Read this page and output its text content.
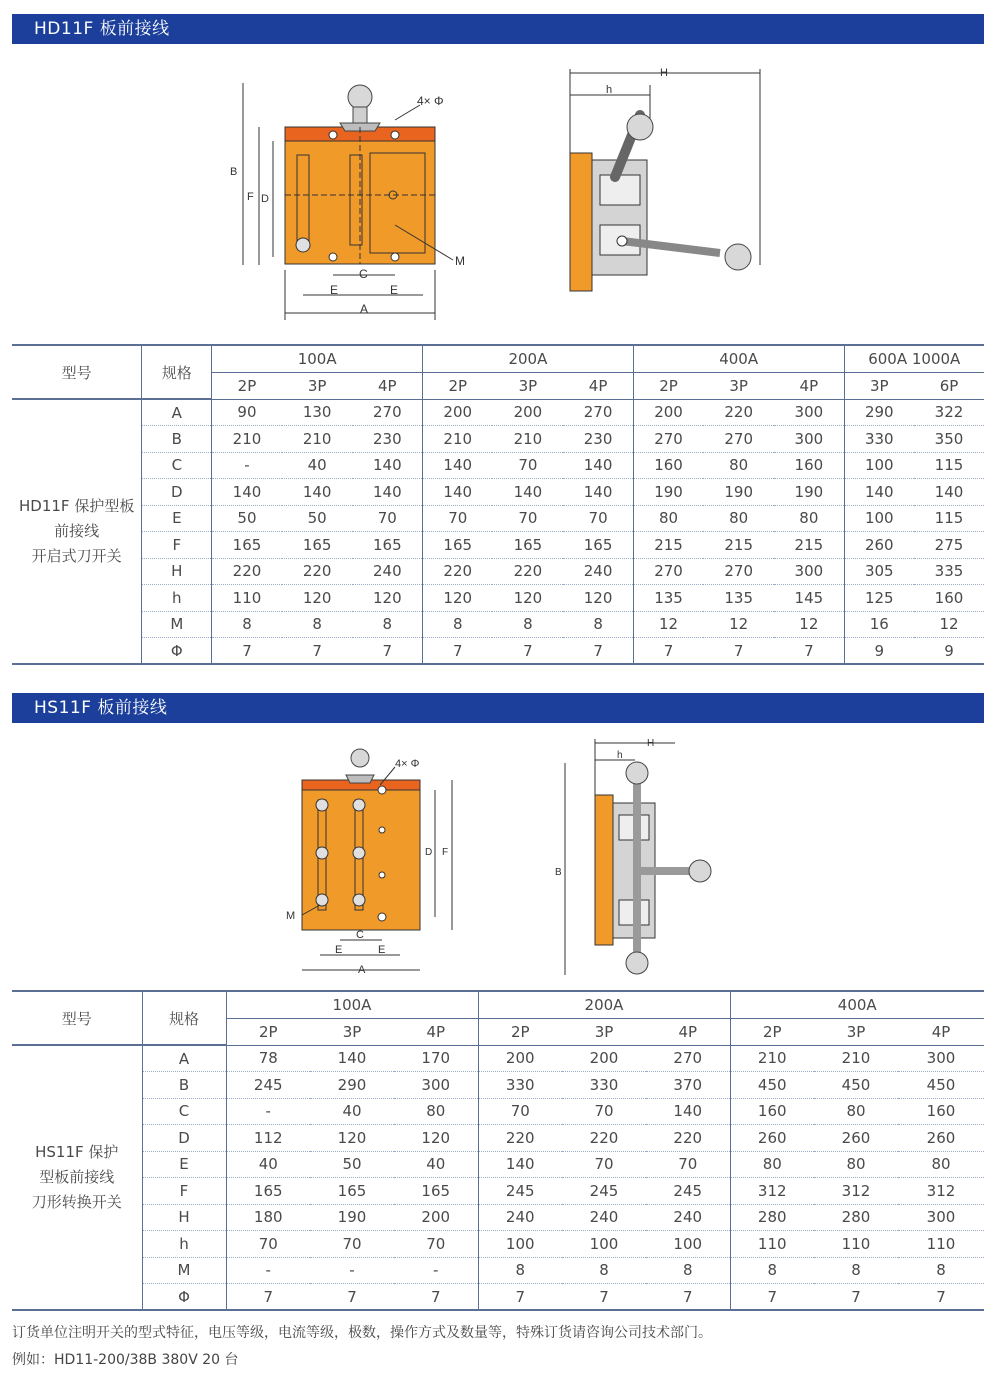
HD11F 板前接线
B
F D
C
E	E
A
M
4× Φ
H
h
型号	规格	100A			200A			400A			600A 1000A	
		2P	3P	4P	2P	3P	4P	2P	3P	4P	3P	6P

HD11F 保护型板
前接线
开启式刀开关	A	90	130	270	200	200	270	200	220	300	290	322
	B	210	210	230	210	210	230	270	270	300	330	350
	C	-	40	140	140	70	140	160	80	160	100	115
	D	140	140	140	140	140	140	190	190	190	140	140
	E	50	50	70	70	70	70	80	80	80	100	115
	F	165	165	165	165	165	165	215	215	215	260	275
	H	220	220	240	220	220	240	270	270	300	305	335
	h	110	120	120	120	120	120	135	135	145	125	160
	M	8	8	8	8	8	8	12	12	12	16	12
	Φ	7	7	7	7	7	7	7	7	7	9	9
HS11F 板前接线
D F
C
E	E
A
M
4× Φ
H
h
B
型号	规格	100A			200A			400A		
		2P	3P	4P	2P	3P	4P	2P	3P	4P

HS11F 保护
型板前接线
刀形转换开关	A	78	140	170	200	200	270	210	210	300
	B	245	290	300	330	330	370	450	450	450
	C	-	40	80	70	70	140	160	80	160
	D	112	120	120	220	220	220	260	260	260
	E	40	50	40	140	70	70	80	80	80
	F	165	165	165	245	245	245	312	312	312
	H	180	190	200	240	240	240	280	280	300
	h	70	70	70	100	100	100	110	110	110
	M	-	-	-	8	8	8	8	8	8
	Φ	7	7	7	7	7	7	7	7	7
订货单位注明开关的型式特征，电压等级，电流等级，极数，操作方式及数量等，特殊订货请咨询公司技术部门。
例如：HD11-200/38B 380V 20 台
